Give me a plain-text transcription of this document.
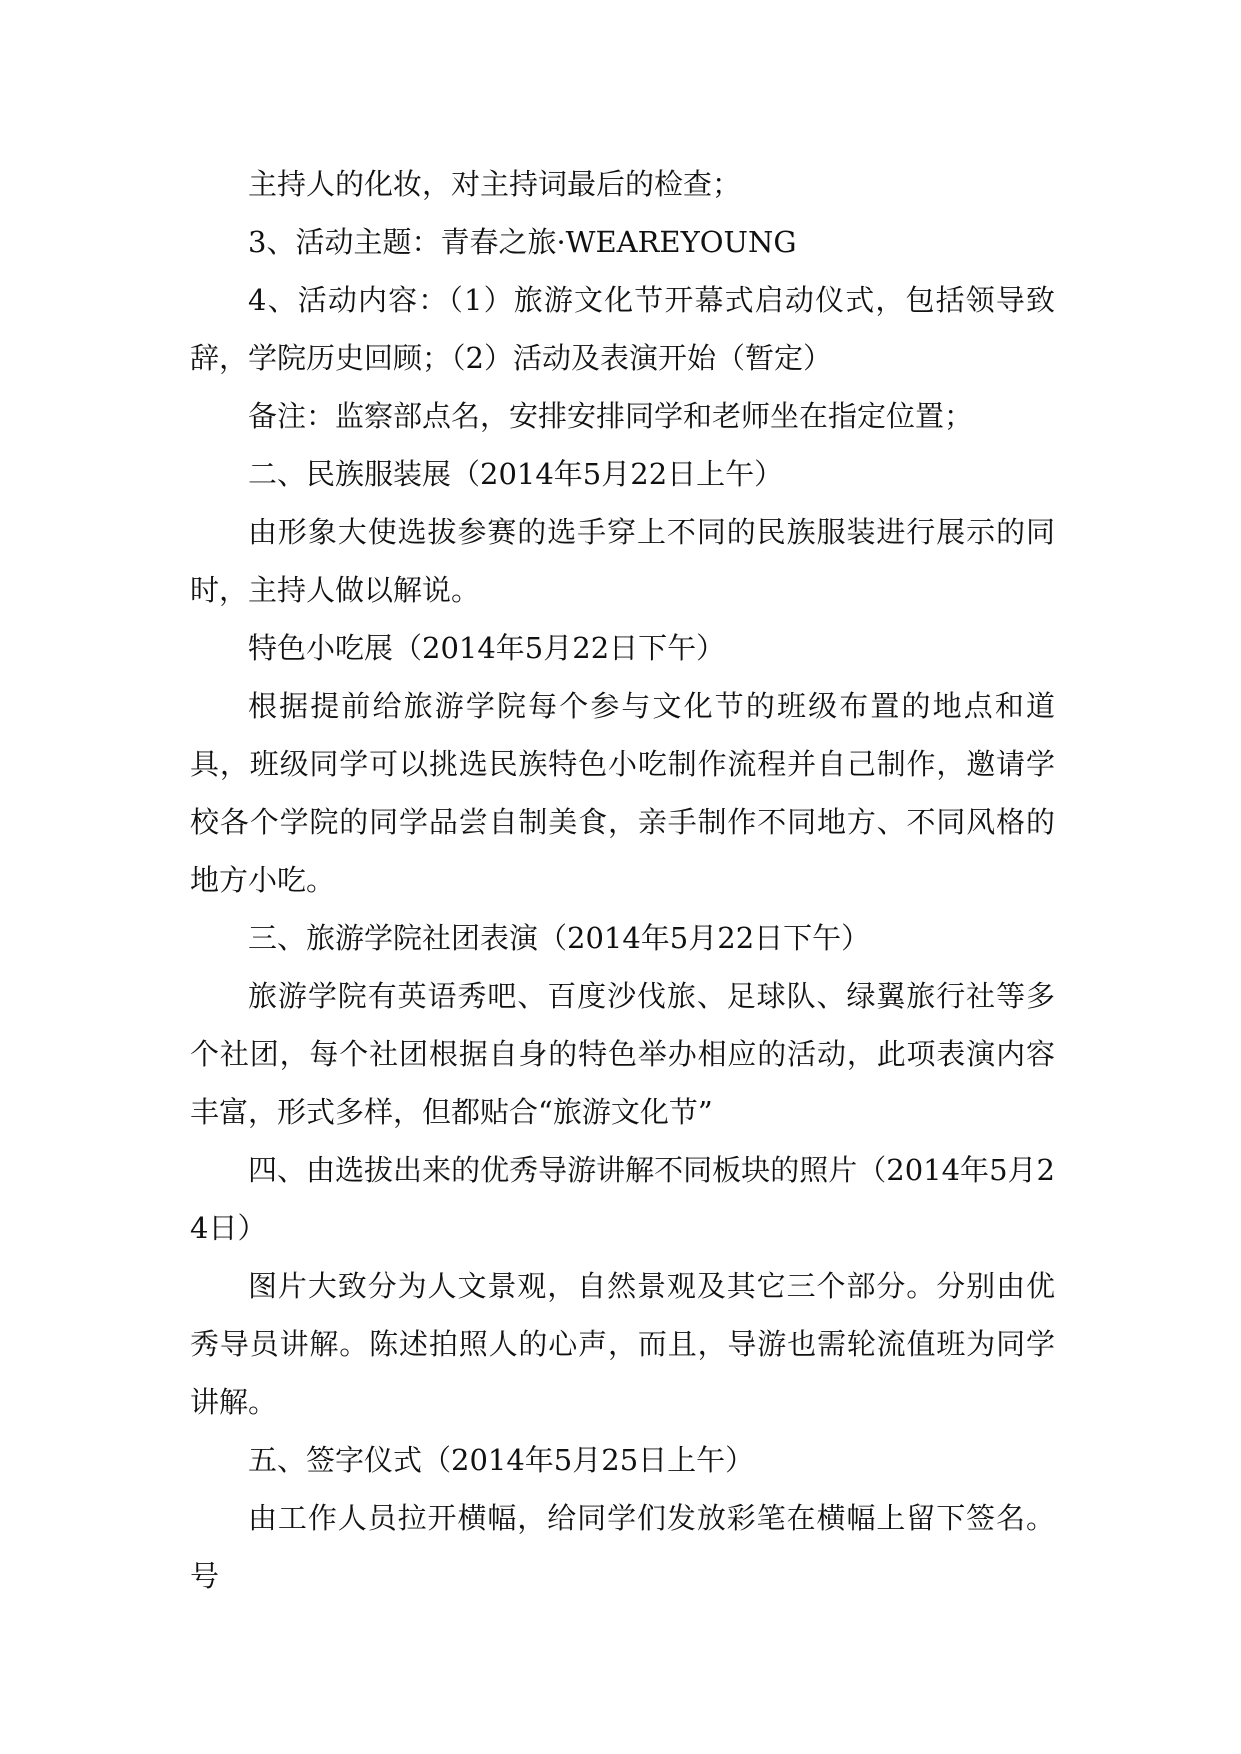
主持人的化妆，对主持词最后的检查；

3、活动主题：青春之旅·WEAREYOUNG

4、活动内容：（1）旅游文化节开幕式启动仪式，包括领导致辞，学院历史回顾；（2）活动及表演开始（暂定）

备注：监察部点名，安排安排同学和老师坐在指定位置；

二、民族服装展（2014年5月22日上午）

由形象大使选拔参赛的选手穿上不同的民族服装进行展示的同时，主持人做以解说。

特色小吃展（2014年5月22日下午）

根据提前给旅游学院每个参与文化节的班级布置的地点和道具，班级同学可以挑选民族特色小吃制作流程并自己制作，邀请学校各个学院的同学品尝自制美食，亲手制作不同地方、不同风格的地方小吃。

三、旅游学院社团表演（2014年5月22日下午）

旅游学院有英语秀吧、百度沙伐旅、足球队、绿翼旅行社等多个社团，每个社团根据自身的特色举办相应的活动，此项表演内容丰富，形式多样，但都贴合“旅游文化节”

四、由选拔出来的优秀导游讲解不同板块的照片（2014年5月24日）

图片大致分为人文景观，自然景观及其它三个部分。分别由优秀导员讲解。陈述拍照人的心声，而且，导游也需轮流值班为同学讲解。

五、签字仪式（2014年5月25日上午）

由工作人员拉开横幅，给同学们发放彩笔在横幅上留下签名。号
